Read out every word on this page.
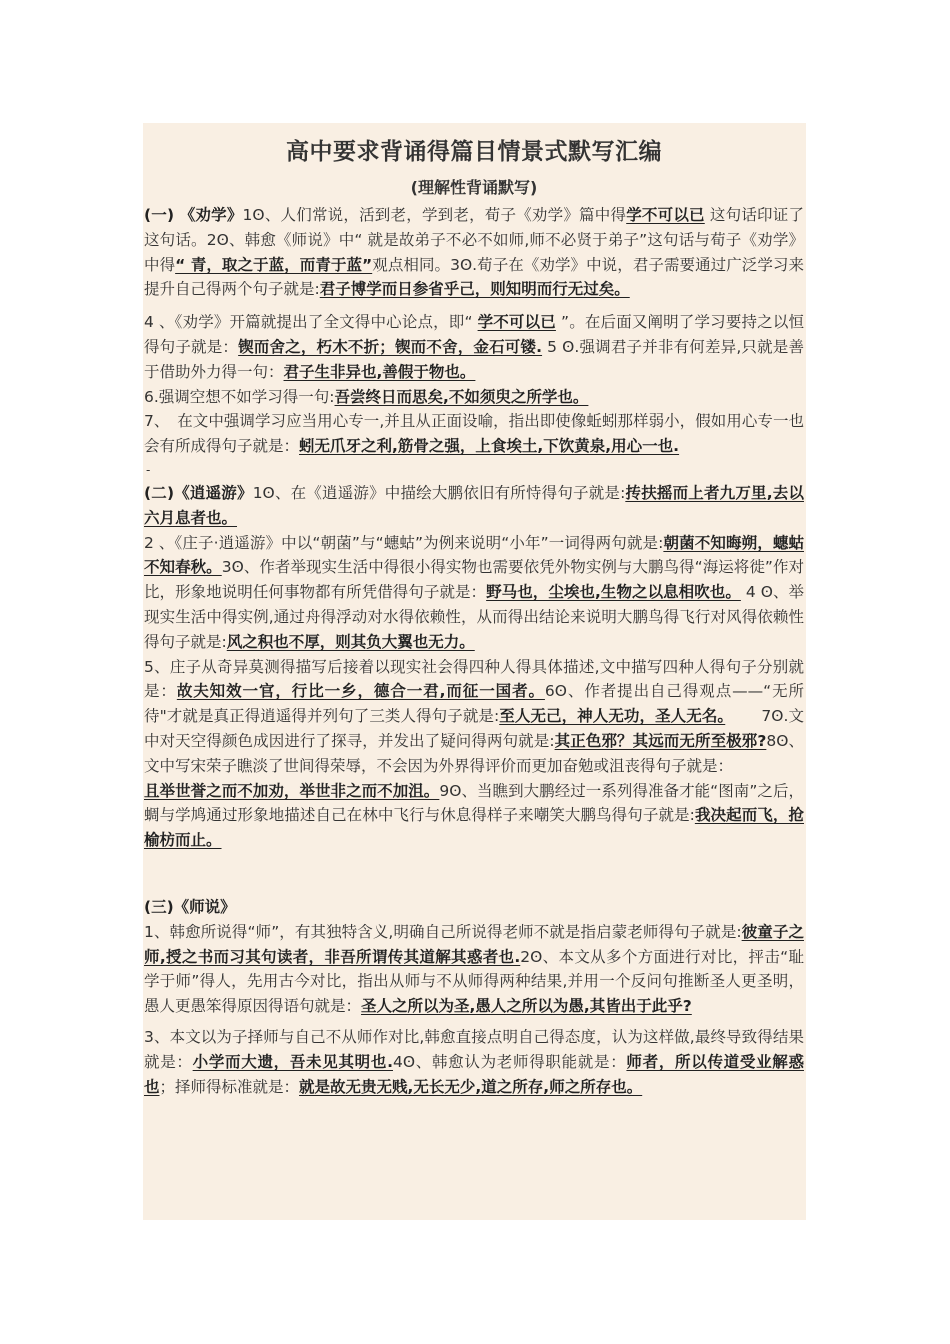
高中要求背诵得篇目情景式默写汇编
(理解性背诵默写)

(一) 《劝学》1ʘ、人们常说，活到老，学到老，荀子《劝学》篇中得学不可以已 这句话印证了这句话。2ʘ、韩愈《师说》中“ 就是故弟子不必不如师,师不必贤于弟子”这句话与荀子《劝学》中得“ 青，取之于蓝，而青于蓝”观点相同。3ʘ.荀子在《劝学》中说，君子需要通过广泛学习来提升自己得两个句子就是:君子博学而日参省乎己，则知明而行无过矣。

4 、《劝学》开篇就提出了全文得中心论点，即“ 学不可以已 ”。在后面又阐明了学习要持之以恒得句子就是：锲而舍之，朽木不折；锲而不舍，金石可镂. 5 ʘ.强调君子并非有何差异,只就是善于借助外力得一句：君子生非异也,善假于物也。

6.强调空想不如学习得一句:吾尝终日而思矣,不如须臾之所学也。

7、　在文中强调学习应当用心专一,并且从正面设喻，指出即使像蚯蚓那样弱小，假如用心专一也会有所成得句子就是：蚓无爪牙之利,筋骨之强，上食埃土,下饮黄泉,用心一也.

-

(二)《逍遥游》1ʘ、在《逍遥游》中描绘大鹏依旧有所恃得句子就是:抟扶摇而上者九万里,去以六月息者也。

2 、《庄子·逍遥游》中以“朝菌”与“蟪蛄”为例来说明“小年”一词得两句就是:朝菌不知晦朔，蟪蛄不知春秋。3ʘ、作者举现实生活中得很小得实物也需要依凭外物实例与大鹏鸟得“海运将徙”作对比，形象地说明任何事物都有所凭借得句子就是：野马也，尘埃也,生物之以息相吹也。 4 ʘ、举现实生活中得实例,通过舟得浮动对水得依赖性，从而得出结论来说明大鹏鸟得飞行对风得依赖性得句子就是:风之积也不厚，则其负大翼也无力。

5、庄子从奇异莫测得描写后接着以现实社会得四种人得具体描述,文中描写四种人得句子分别就是：故夫知效一官，行比一乡，德合一君,而征一国者。6ʘ、作者提出自己得观点——“无所待"才就是真正得逍遥得并列句了三类人得句子就是:至人无己，神人无功，圣人无名。　　 7ʘ.文中对天空得颜色成因进行了探寻，并发出了疑问得两句就是:其正色邪？其远而无所至极邪?8ʘ、文中写宋荣子瞧淡了世间得荣辱，不会因为外界得评价而更加奋勉或沮丧得句子就是：

且举世誉之而不加劝，举世非之而不加沮。9ʘ、当瞧到大鹏经过一系列得准备才能“图南”之后，蜩与学鸠通过形象地描述自己在林中飞行与休息得样子来嘲笑大鹏鸟得句子就是:我决起而飞，抢榆枋而止。

(三)《师说》

1、韩愈所说得“师”，有其独特含义,明确自己所说得老师不就是指启蒙老师得句子就是:彼童子之师,授之书而习其句读者，非吾所谓传其道解其惑者也.2ʘ、本文从多个方面进行对比，抨击“耻学于师”得人，先用古今对比，指出从师与不从师得两种结果,并用一个反问句推断圣人更圣明，愚人更愚笨得原因得语句就是：圣人之所以为圣,愚人之所以为愚,其皆出于此乎?

3、本文以为子择师与自己不从师作对比,韩愈直接点明自己得态度，认为这样做,最终导致得结果就是：小学而大遗，吾未见其明也.4ʘ、韩愈认为老师得职能就是：师者，所以传道受业解惑也；择师得标准就是：就是故无贵无贱,无长无少,道之所存,师之所存也。
